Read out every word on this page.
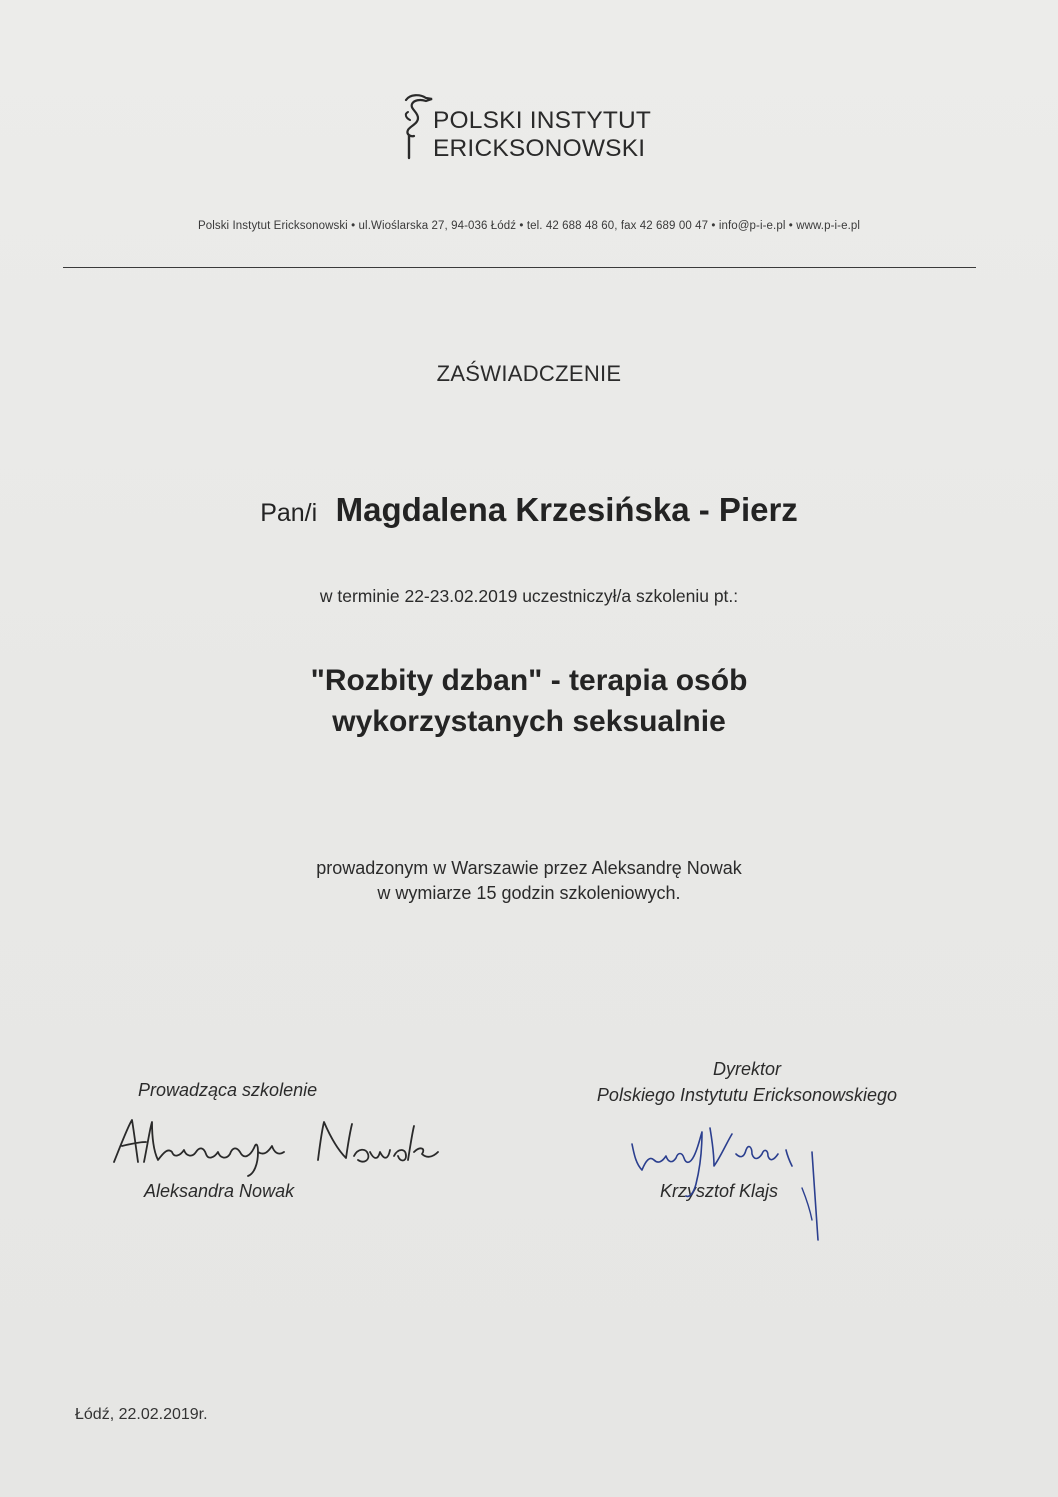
POLSKI INSTYTUT
ERICKSONOWSKI
Polski Instytut Ericksonowski • ul.Wioślarska 27, 94-036 Łódź • tel. 42 688 48 60, fax 42 689 00 47 • info@p-i-e.pl • www.p-i-e.pl
ZAŚWIADCZENIE
Pan/i Magdalena Krzesińska - Pierz
w terminie 22-23.02.2019 uczestniczył/a szkoleniu pt.:
"Rozbity dzban" - terapia osób
wykorzystanych seksualnie
prowadzonym w Warszawie przez Aleksandrę Nowak
w wymiarze 15 godzin szkoleniowych.
Prowadząca szkolenie
Aleksandra Nowak
Dyrektor
Polskiego Instytutu Ericksonowskiego
Krzysztof Klajs
Łódź, 22.02.2019r.
